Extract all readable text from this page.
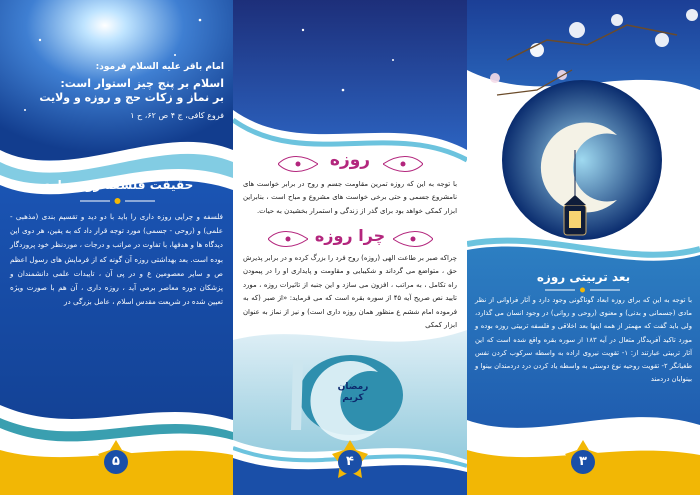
امام باقر علیه السلام فرمود:
اسلام بر پنج چیز استوار است:
بر نماز و زکات حج و روزه و ولایت
فروع کافی، ج ۴ ص ۶۲، ح ۱
حقیقت فلسفه روزه داری
فلسفه و چرایی روزه داری را باید با دو دید و تقسیم بندی (مذهبی - علمی) و (روحی - جسمی) مورد توجه قرار داد که به یقین، هر دوی این دیدگاه ها و هدفها، با تفاوت در مراتب و درجات ، موردنظر خود پروردگار بوده است. بعد بهداشتی روزه آن گونه که از فرمایش های رسول اعظم ص و سایر معصومین ع و در پی آن ، تایبدات علمی دانشمندان و پزشکان دوره معاصر برمی آید ، روزه داری ، آن هم با صورت ویژه تعیین شده در شریعت مقدس اسلام ، عامل بزرگی در
۵
روزه
با توجه به این که روزه تمرین مقاومت جسم و روح در برابر خواست های نامشروع جسمی و حتی برخی خواست های مشروع و مباح است ، بنابراین ابزار کمکی خواهد بود برای گذر از زندگی و استمرار بخشیدن به حیات.
چرا روزه
چراکه صبر بر طاعت الهی (روزه) روح فرد را بزرگ کرده و در برابر پذیرش حق ، متواضع می گرداند و شکیبایی و مقاومت و پایداری او را در پیمودن راه تکامل ، به مراتب ، افزون می سازد و این جنبه از تاثیرات روزه ، مورد تایید نص صریح آیه ۴۵ از سوره بقره است که می فرماید: «از صبر (که به فرموده امام ششم ع منظور همان روزه داری است) و نیز از نماز به عنوان ابزار کمکی
رمضان کریم
۴
بعد تربیتی روزه
با توجه به این که برای روزه ابعاد گوناگونی وجود دارد و آثار فراوانی از نظر مادی (جسمانی و بدنی) و معنوی (روحی و روانی) در وجود انسان می گذارد، ولی باید گفت که مهمتر از همه اینها بعد اخلاقی و فلسفه تربیتی روزه بوده و مورد تاکید آفریدگار متعال در آیه ۱۸۳ از سوره بقره واقع شده است که این آثار تربیتی عبارتند از: ۱- تقویت نیروی اراده به واسطه سرکوب کردن نفس طغیانگر ۲- تقویت روحیه نوع دوستی به واسطه یاد کردن درد دردمندان بینوا و بینوایان دردمند
۳
